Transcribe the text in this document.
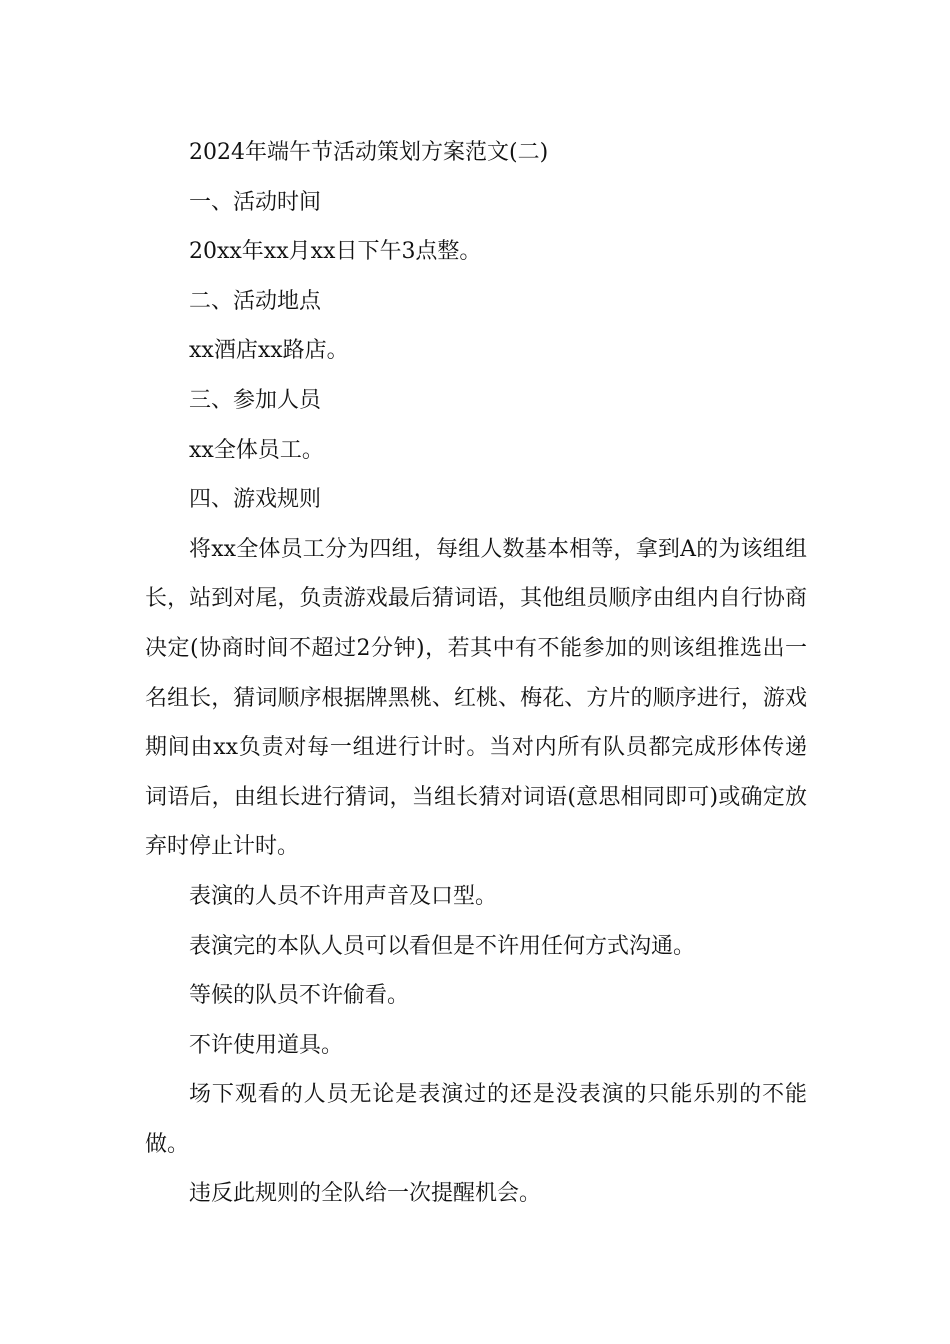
2024年端午节活动策划方案范文(二)

一、活动时间

20xx年xx月xx日下午3点整。

二、活动地点

xx酒店xx路店。

三、参加人员

xx全体员工。

四、游戏规则

将xx全体员工分为四组，每组人数基本相等，拿到A的为该组组长，站到对尾，负责游戏最后猜词语，其他组员顺序由组内自行协商决定(协商时间不超过2分钟)，若其中有不能参加的则该组推选出一名组长，猜词顺序根据牌黑桃、红桃、梅花、方片的顺序进行，游戏期间由xx负责对每一组进行计时。当对内所有队员都完成形体传递词语后，由组长进行猜词，当组长猜对词语(意思相同即可)或确定放弃时停止计时。

表演的人员不许用声音及口型。

表演完的本队人员可以看但是不许用任何方式沟通。

等候的队员不许偷看。

不许使用道具。

场下观看的人员无论是表演过的还是没表演的只能乐别的不能做。

违反此规则的全队给一次提醒机会。
